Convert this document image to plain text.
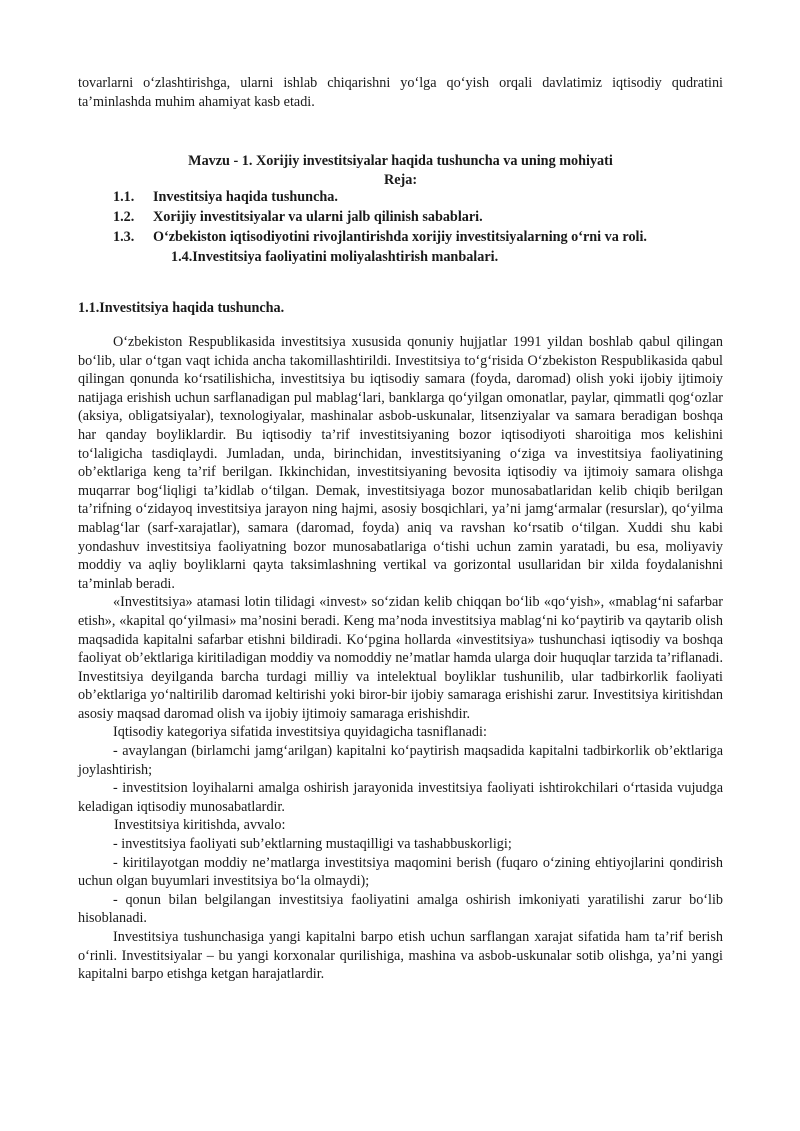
tovarlarni o‘zlashtirishga, ularni ishlab chiqarishni yo‘lga qo‘yish orqali davlatimiz iqtisodiy qudratini ta’minlashda muhim ahamiyat kasb etadi.

Mavzu - 1. Xorijiy investitsiyalar haqida tushuncha va uning mohiyati
Reja:
1.1. Investitsiya haqida tushuncha.
1.2. Xorijiy investitsiyalar va ularni jalb qilinish sabablari.
1.3. O‘zbekiston iqtisodiyotini rivojlantirishda xorijiy investitsiyalarning o‘rni va roli.
1.4.Investitsiya faoliyatini moliyalashtirish manbalari.
1.1.Investitsiya haqida tushuncha.

O‘zbekiston Respublikasida investitsiya xususida qonuniy hujjatlar 1991 yildan boshlab qabul qilingan bo‘lib, ular o‘tgan vaqt ichida ancha takomillashtirildi. Investitsiya to‘g‘risida O‘zbekiston Respublikasida qabul qilingan qonunda ko‘rsatilishicha, investitsiya bu iqtisodiy samara (foyda, daromad) olish yoki ijobiy ijtimoiy natijaga erishish uchun sarflanadigan pul mablag‘lari, banklarga qo‘yilgan omonatlar, paylar, qimmatli qog‘ozlar (aksiya, obligatsiyalar), texnologiyalar, mashinalar asbob-uskunalar, litsenziyalar va samara beradigan boshqa har qanday boyliklardir. Bu iqtisodiy ta’rif investitsiyaning bozor iqtisodiyoti sharoitiga mos kelishini to‘laligicha tasdiqlaydi. Jumladan, unda, birinchidan, investitsiyaning o‘ziga va investitsiya faoliyatining ob’ektlariga keng ta’rif berilgan. Ikkinchidan, investitsiyaning bevosita iqtisodiy va ijtimoiy samara olishga muqarrar bog‘liqligi ta’kidlab o‘tilgan. Demak, investitsiyaga bozor munosabatlaridan kelib chiqib berilgan ta’rifning o‘zidayoq investitsiya jarayon ning hajmi, asosiy bosqichlari, ya’ni jamg‘armalar (resurslar), qo‘yilma mablag‘lar (sarf-xarajatlar), samara (daromad, foyda) aniq va ravshan ko‘rsatib o‘tilgan. Xuddi shu kabi yondashuv investitsiya faoliyatning bozor munosabatlariga o‘tishi uchun zamin yaratadi, bu esa, moliyaviy moddiy va aqliy boyliklarni qayta taksimlashning vertikal va gorizontal usullaridan bir xilda foydalanishni ta’minlab beradi.

«Investitsiya» atamasi lotin tilidagi «invest» so‘zidan kelib chiqqan bo‘lib «qo‘yish», «mablag‘ni safarbar etish», «kapital qo‘yilmasi» ma’nosini beradi. Keng ma’noda investitsiya mablag‘ni ko‘paytirib va qaytarib olish maqsadida kapitalni safarbar etishni bildiradi. Ko‘pgina hollarda «investitsiya» tushunchasi iqtisodiy va boshqa faoliyat ob’ektlariga kiritiladigan moddiy va nomoddiy ne’matlar hamda ularga doir huquqlar tarzida ta’riflanadi. Investitsiya deyilganda barcha turdagi milliy va intelektual boyliklar tushunilib, ular tadbirkorlik faoliyati ob’ektlariga yo‘naltirilib daromad keltirishi yoki biror-bir ijobiy samaraga erishishi zarur. Investitsiya kiritishdan asosiy maqsad daromad olish va ijobiy ijtimoiy samaraga erishishdir.

Iqtisodiy kategoriya sifatida investitsiya quyidagicha tasniflanadi:

- avaylangan (birlamchi jamg‘arilgan) kapitalni ko‘paytirish maqsadida kapitalni tadbirkorlik ob’ektlariga joylashtirish;

- investitsion loyihalarni amalga oshirish jarayonida investitsiya faoliyati ishtirokchilari o‘rtasida vujudga keladigan iqtisodiy munosabatlardir.

Investitsiya kiritishda, avvalo:

- investitsiya faoliyati sub’ektlarning mustaqilligi va tashabbuskorligi;

- kiritilayotgan moddiy ne’matlarga investitsiya maqomini berish (fuqaro o‘zining ehtiyojlarini qondirish uchun olgan buyumlari investitsiya bo‘la olmaydi);

- qonun bilan belgilangan investitsiya faoliyatini amalga oshirish imkoniyati yaratilishi zarur bo‘lib hisoblanadi.

Investitsiya tushunchasiga yangi kapitalni barpo etish uchun sarflangan xarajat sifatida ham ta’rif berish o‘rinli. Investitsiyalar – bu yangi korxonalar qurilishiga, mashina va asbob-uskunalar sotib olishga, ya’ni yangi kapitalni barpo etishga ketgan harajatlardir.
